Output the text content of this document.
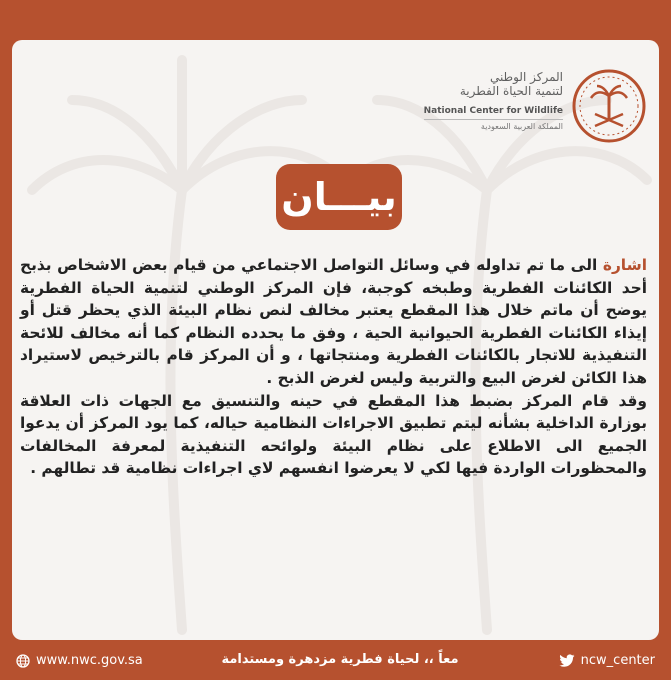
المركز الوطني
لتنمية الحياة الفطرية
National Center for Wildlife
المملكة العربية السعودية
بيـــان

اشارة الى ما تم تداوله في وسائل التواصل الاجتماعي من قيام بعض الاشخاص بذبح أحد الكائنات الفطرية وطبخه كوجبة، فإن المركز الوطني لتنمية الحياة الفطرية يوضح أن ماتم خلال هذا المقطع يعتبر مخالف لنص نظام البيئة الذي يحظر قتل أو إيذاء الكائنات الفطرية الحيوانية الحية ، وفق ما يحدده النظام كما أنه مخالف للائحة التنفيذية للاتجار بالكائنات الفطرية ومنتجاتها ، و أن المركز قام بالترخيص لاستيراد هذا الكائن لغرض البيع والتربية وليس لغرض الذبح .

وقد قام المركز بضبط هذا المقطع في حينه والتنسيق مع الجهات ذات العلاقة بوزارة الداخلية بشأنه ليتم تطبيق الاجراءات النظامية حياله، كما يود المركز أن يدعوا الجميع الى الاطلاع على نظام البيئة ولوائحه التنفيذية لمعرفة المخالفات والمحظورات الواردة فيها لكي لا يعرضوا انفسهم لاي اجراءات نظامية قد تطالهم .

www.nwc.gov.sa	معاً ،، لحياة فطرية مزدهرة ومستدامة	ncw_center
